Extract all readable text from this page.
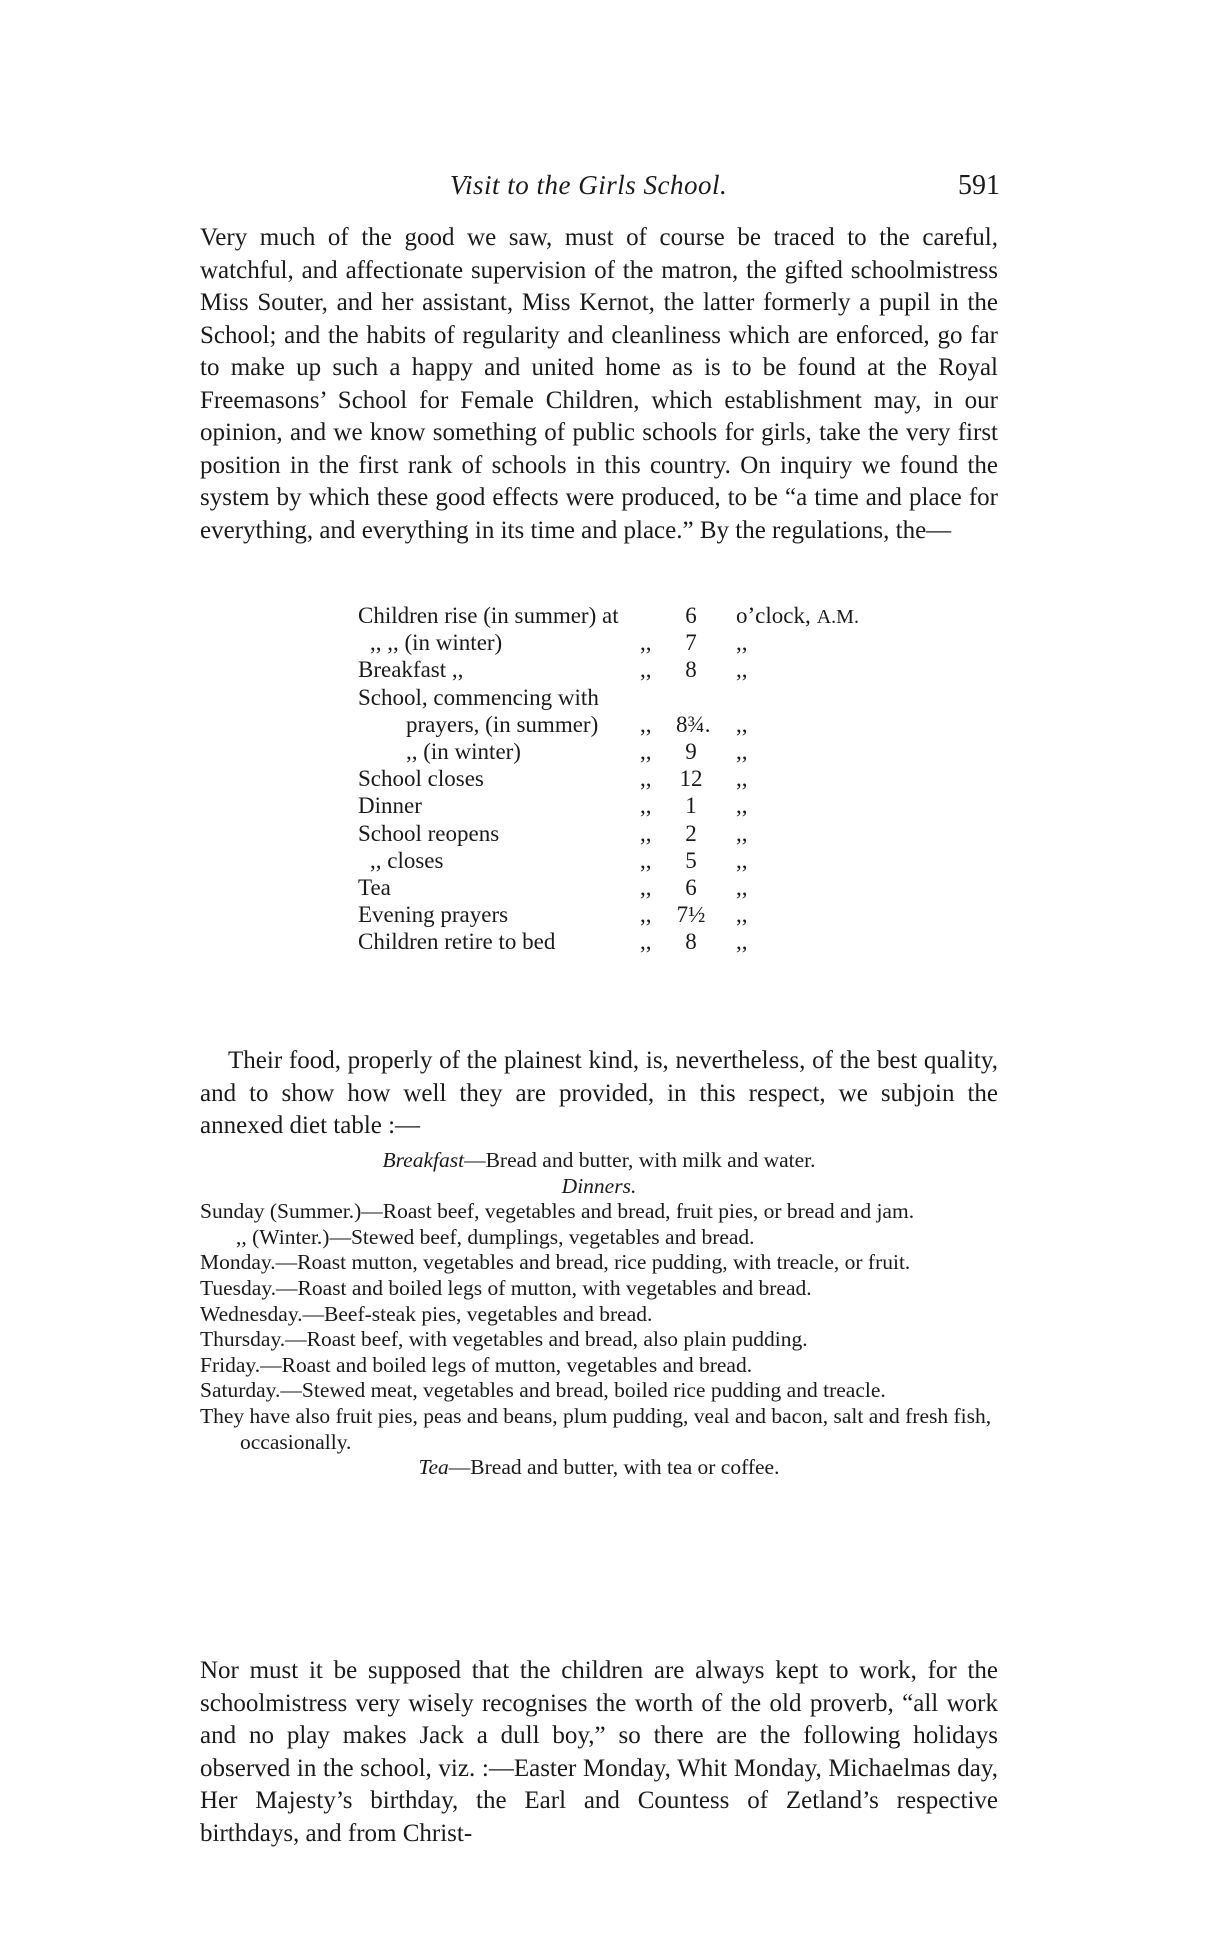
Visit to the Girls School.	591

Very much of the good we saw, must of course be traced to the careful, watchful, and affectionate supervision of the matron, the gifted schoolmistress Miss Souter, and her assistant, Miss Kernot, the latter formerly a pupil in the School; and the habits of regularity and cleanliness which are enforced, go far to make up such a happy and united home as is to be found at the Royal Freemasons’ School for Female Children, which establishment may, in our opinion, and we know something of public schools for girls, take the very first position in the first rank of schools in this country. On inquiry we found the system by which these good effects were produced, to be “a time and place for everything, and everything in its time and place.” By the regulations, the—

Children rise (in summer) at	6	o’clock, A.M.
,, ,, (in winter)	,,	7	,,
Breakfast ,,	,,	8	,,
School, commencing with
prayers, (in summer) ,, 8¾. ,,
,, (in winter)	,,	9	,,
School closes	,, 12 ,,
Dinner	,,	1	,,
School reopens	,,	2	,,
,, closes	,,	5	,,
Tea	,,	6	,,
Evening prayers	,, 7½ ,,
Children retire to bed	,,	8	,,

Their food, properly of the plainest kind, is, nevertheless, of the best quality, and to show how well they are provided, in this respect, we subjoin the annexed diet table :—

Breakfast—Bread and butter, with milk and water.

Dinners.

Sunday (Summer.)—Roast beef, vegetables and bread, fruit pies, or bread and jam.

,, (Winter.)—Stewed beef, dumplings, vegetables and bread.

Monday.—Roast mutton, vegetables and bread, rice pudding, with treacle, or fruit.

Tuesday.—Roast and boiled legs of mutton, with vegetables and bread.

Wednesday.—Beef-steak pies, vegetables and bread.

Thursday.—Roast beef, with vegetables and bread, also plain pudding.

Friday.—Roast and boiled legs of mutton, vegetables and bread.

Saturday.—Stewed meat, vegetables and bread, boiled rice pudding and treacle.

They have also fruit pies, peas and beans, plum pudding, veal and bacon, salt and fresh fish, occasionally.

Tea—Bread and butter, with tea or coffee.

Nor must it be supposed that the children are always kept to work, for the schoolmistress very wisely recognises the worth of the old proverb, “all work and no play makes Jack a dull boy,” so there are the following holidays observed in the school, viz. :—Easter Monday, Whit Monday, Michaelmas day, Her Majesty’s birthday, the Earl and Countess of Zetland’s respective birthdays, and from Christ-
